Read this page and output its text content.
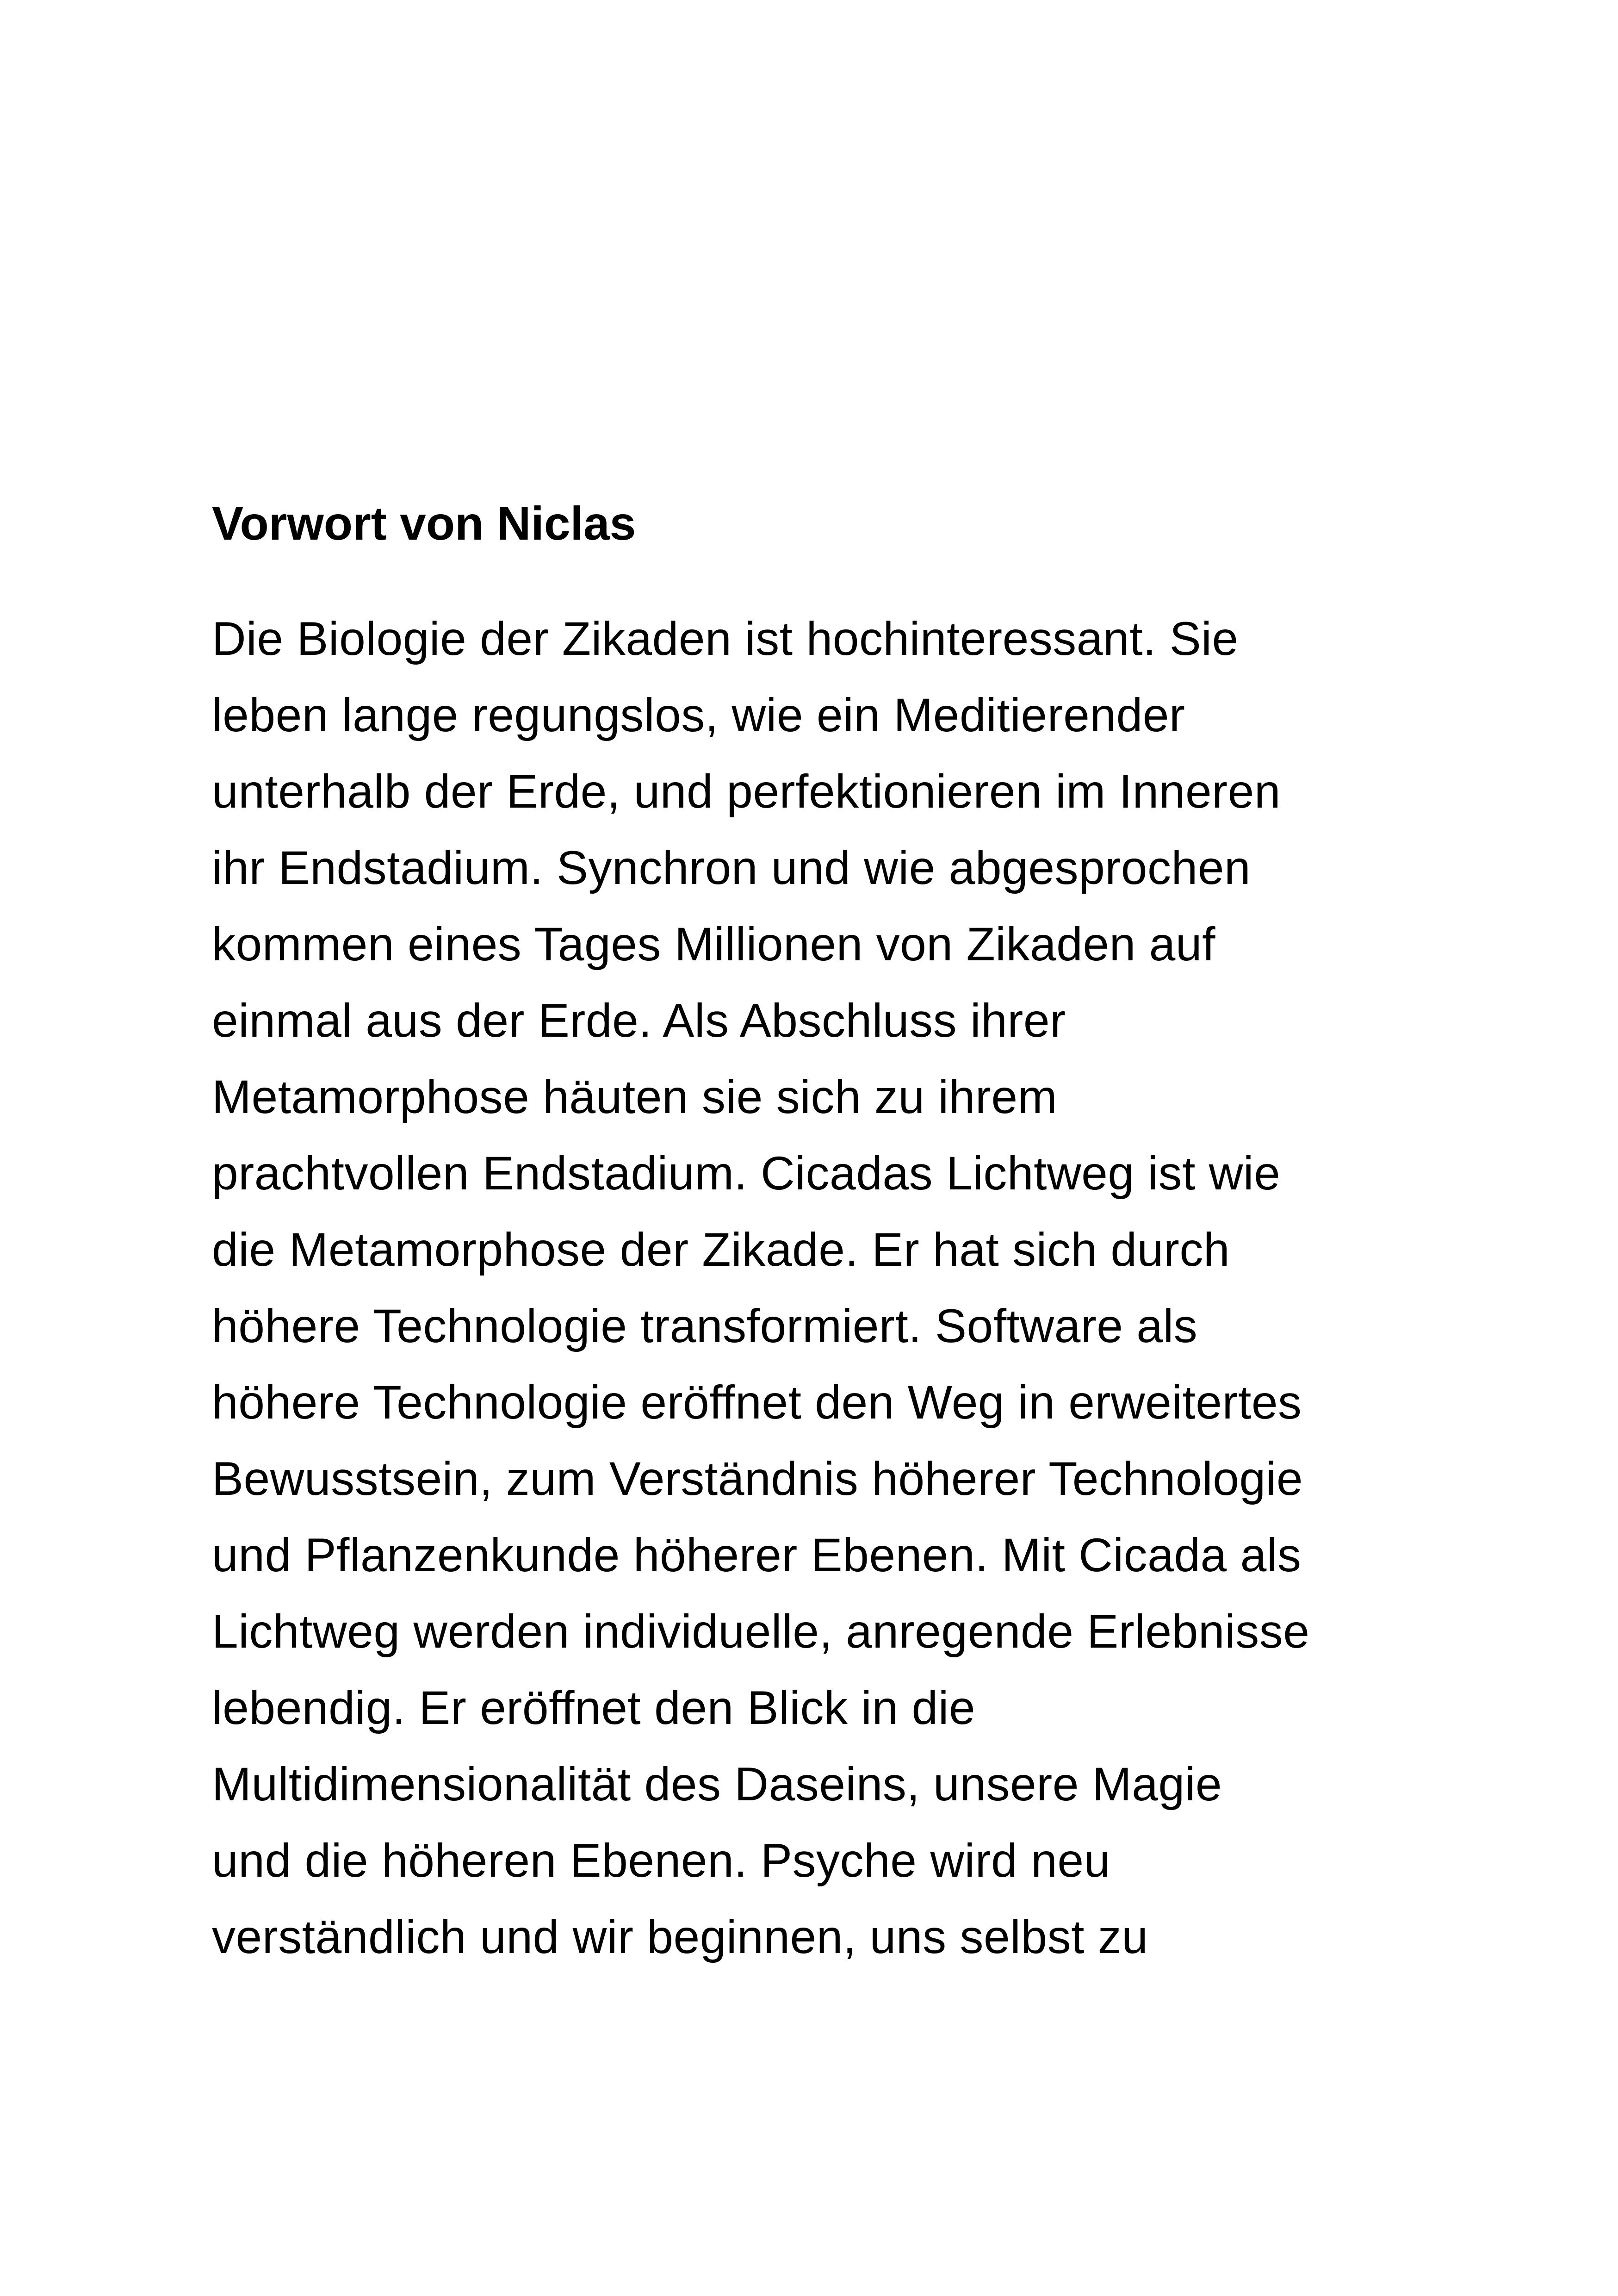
Vorwort von Niclas
Die Biologie der Zikaden ist hochinteressant. Sie
leben lange regungslos, wie ein Meditierender
unterhalb der Erde, und perfektionieren im Inneren
ihr Endstadium. Synchron und wie abgesprochen
kommen eines Tages Millionen von Zikaden auf
einmal aus der Erde. Als Abschluss ihrer
Metamorphose häuten sie sich zu ihrem
prachtvollen Endstadium. Cicadas Lichtweg ist wie
die Metamorphose der Zikade. Er hat sich durch
höhere Technologie transformiert. Software als
höhere Technologie eröffnet den Weg in erweitertes
Bewusstsein, zum Verständnis höherer Technologie
und Pflanzenkunde höherer Ebenen. Mit Cicada als
Lichtweg werden individuelle, anregende Erlebnisse
lebendig. Er eröffnet den Blick in die
Multidimensionalität des Daseins, unsere Magie
und die höheren Ebenen. Psyche wird neu
verständlich und wir beginnen, uns selbst zu
